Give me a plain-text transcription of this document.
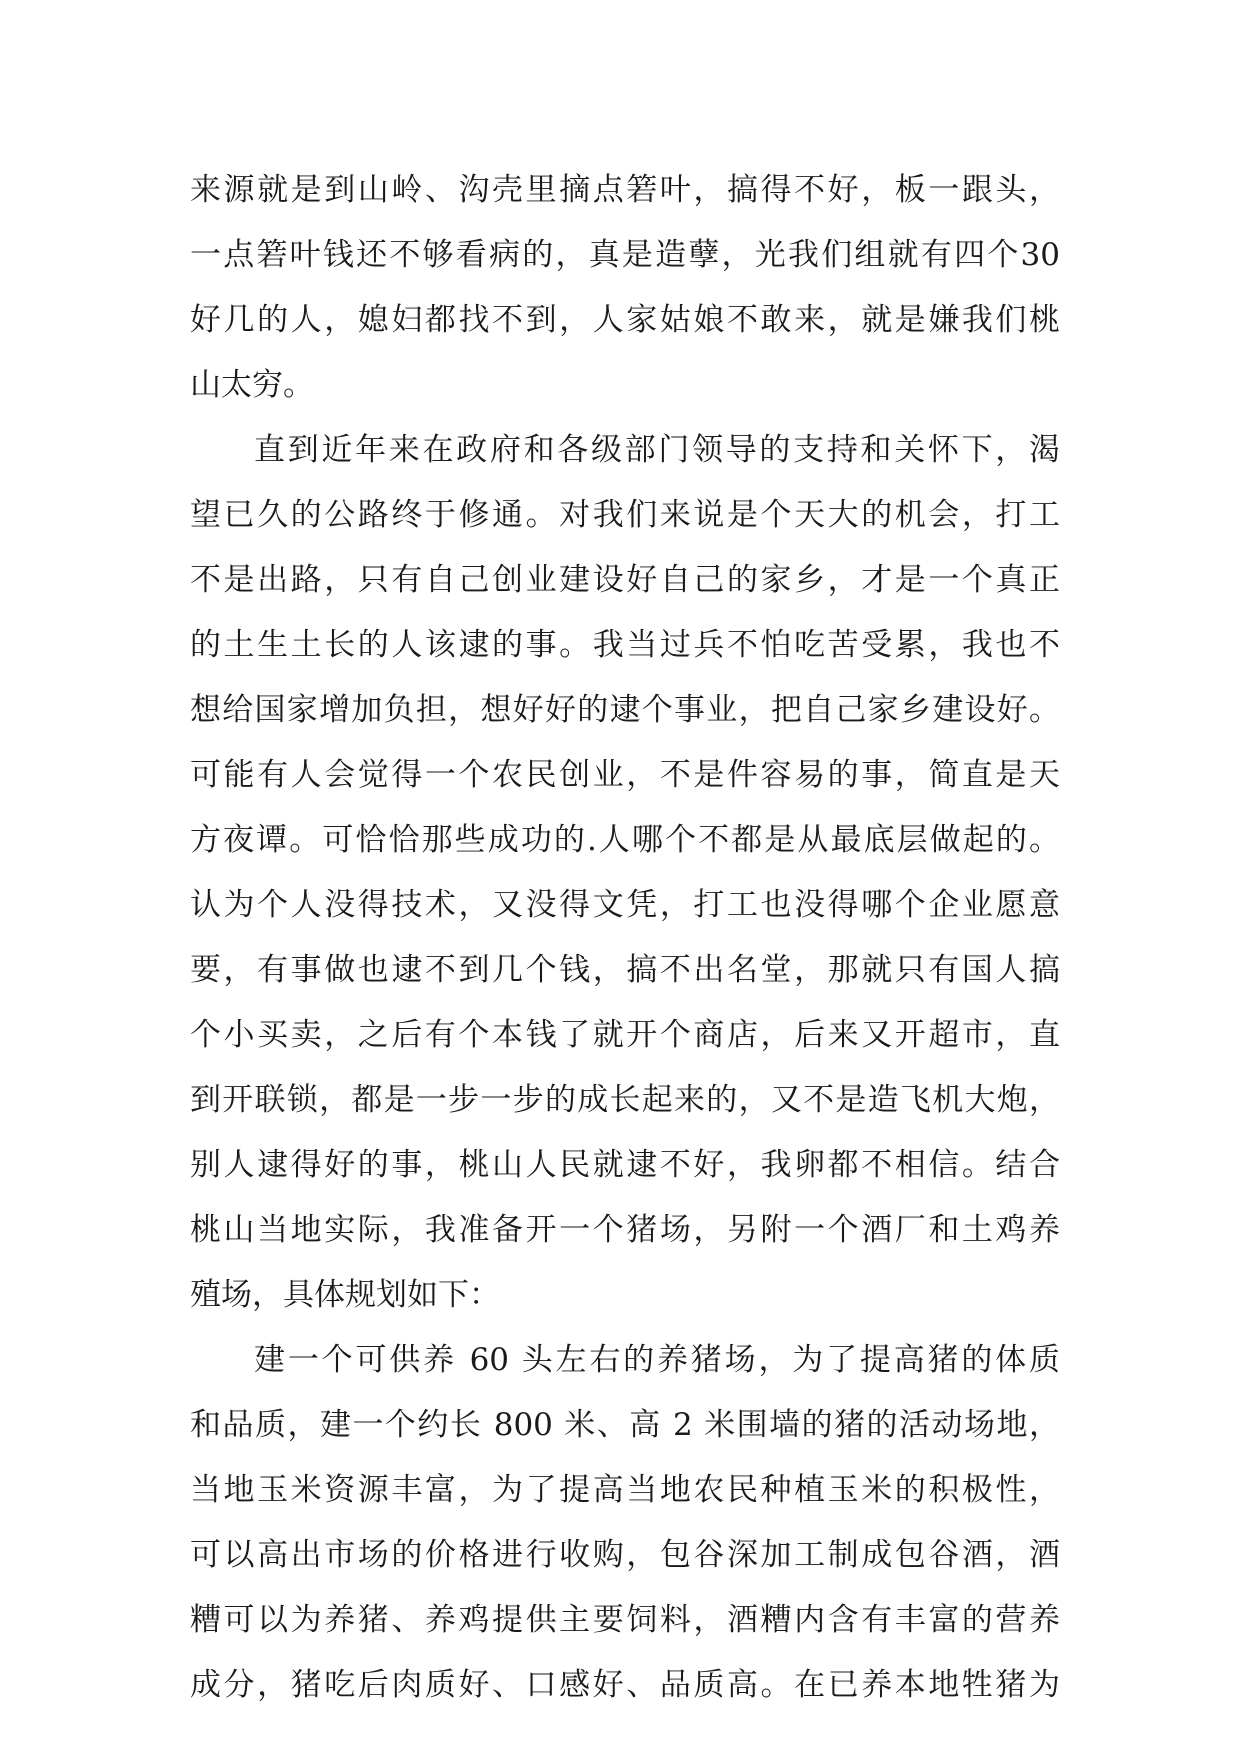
来源就是到山岭、沟壳里摘点箬叶，搞得不好，板一跟头，
一点箬叶钱还不够看病的，真是造孽，光我们组就有四个30
好几的人，媳妇都找不到，人家姑娘不敢来，就是嫌我们桃
山太穷。
直到近年来在政府和各级部门领导的支持和关怀下，渴
望已久的公路终于修通。对我们来说是个天大的机会，打工
不是出路，只有自己创业建设好自己的家乡，才是一个真正
的土生土长的人该逮的事。我当过兵不怕吃苦受累，我也不
想给国家增加负担，想好好的逮个事业，把自己家乡建设好。
可能有人会觉得一个农民创业，不是件容易的事，简直是天
方夜谭。可恰恰那些成功的.人哪个不都是从最底层做起的。
认为个人没得技术，又没得文凭，打工也没得哪个企业愿意
要，有事做也逮不到几个钱，搞不出名堂，那就只有国人搞
个小买卖，之后有个本钱了就开个商店，后来又开超市，直
到开联锁，都是一步一步的成长起来的，又不是造飞机大炮，
别人逮得好的事，桃山人民就逮不好，我卵都不相信。结合
桃山当地实际，我准备开一个猪场，另附一个酒厂和土鸡养
殖场，具体规划如下：
建一个可供养 60 头左右的养猪场，为了提高猪的体质
和品质，建一个约长 800 米、高 2 米围墙的猪的活动场地，
当地玉米资源丰富，为了提高当地农民种植玉米的积极性，
可以高出市场的价格进行收购，包谷深加工制成包谷酒，酒
糟可以为养猪、养鸡提供主要饲料，酒糟内含有丰富的营养
成分，猪吃后肉质好、口感好、品质高。在已养本地牲猪为
